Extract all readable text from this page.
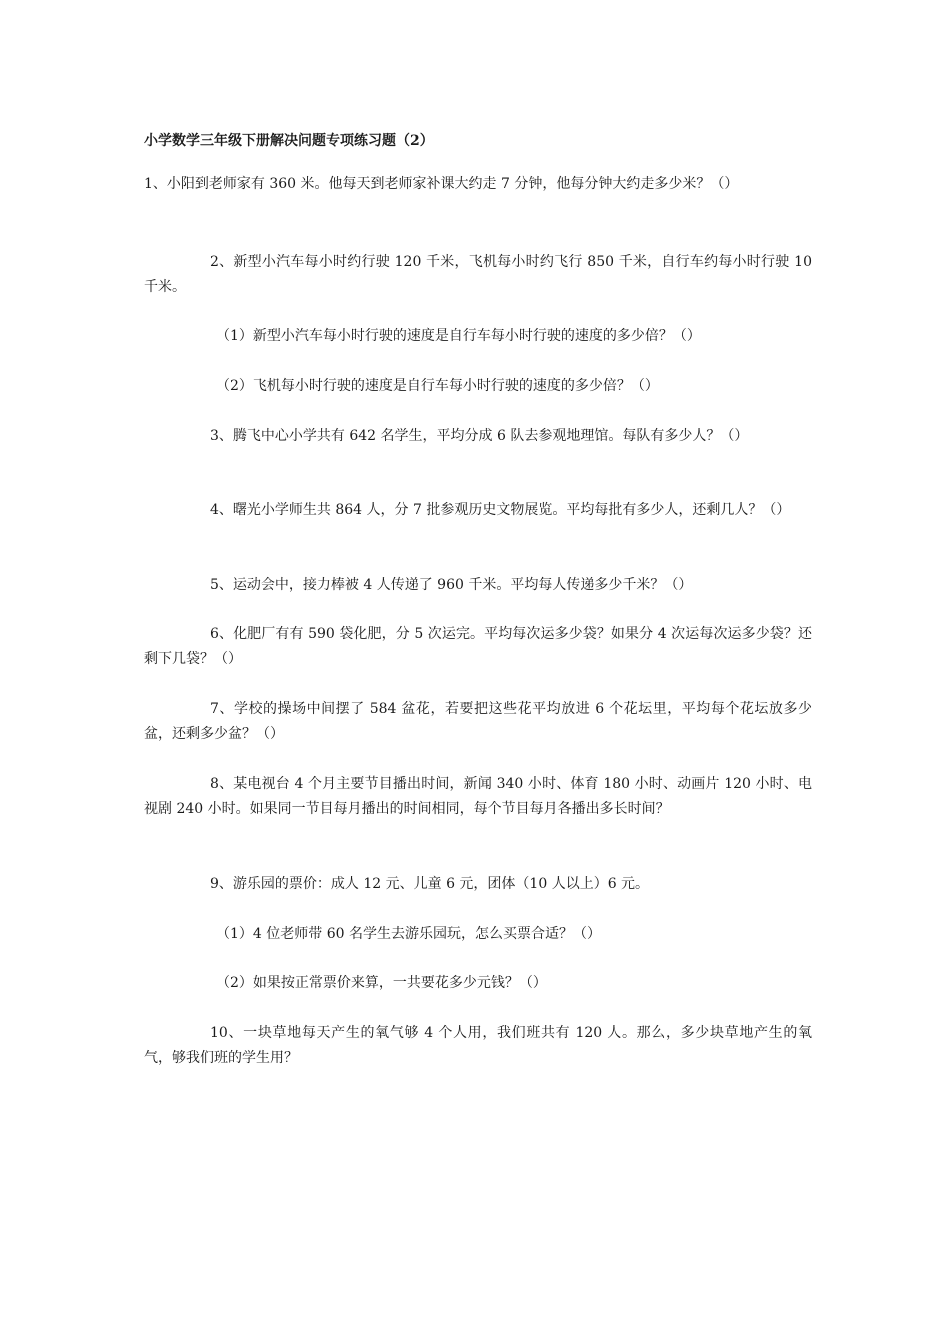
小学数学三年级下册解决问题专项练习题（2）
1、小阳到老师家有 360 米。他每天到老师家补课大约走 7 分钟，他每分钟大约走多少米？（）
2、新型小汽车每小时约行驶 120 千米，飞机每小时约飞行 850 千米，自行车约每小时行驶 10 千米。
（1）新型小汽车每小时行驶的速度是自行车每小时行驶的速度的多少倍？（）
（2）飞机每小时行驶的速度是自行车每小时行驶的速度的多少倍？（）
3、腾飞中心小学共有 642 名学生，平均分成 6 队去参观地理馆。每队有多少人？（）
4、曙光小学师生共 864 人，分 7 批参观历史文物展览。平均每批有多少人，还剩几人？（）
5、运动会中，接力棒被 4 人传递了 960 千米。平均每人传递多少千米？（）
6、化肥厂有有 590 袋化肥，分 5 次运完。平均每次运多少袋？如果分 4 次运每次运多少袋？还剩下几袋？（）
7、学校的操场中间摆了 584 盆花，若要把这些花平均放进 6 个花坛里，平均每个花坛放多少盆，还剩多少盆？（）
8、某电视台 4 个月主要节目播出时间，新闻 340 小时、体育 180 小时、动画片 120 小时、电视剧 240 小时。如果同一节目每月播出的时间相同，每个节目每月各播出多长时间？
9、游乐园的票价：成人 12 元、儿童 6 元，团体（10 人以上）6 元。
（1）4 位老师带 60 名学生去游乐园玩，怎么买票合适？（）
（2）如果按正常票价来算，一共要花多少元钱？（）
10、一块草地每天产生的氧气够 4 个人用，我们班共有 120 人。那么，多少块草地产生的氧气，够我们班的学生用？
